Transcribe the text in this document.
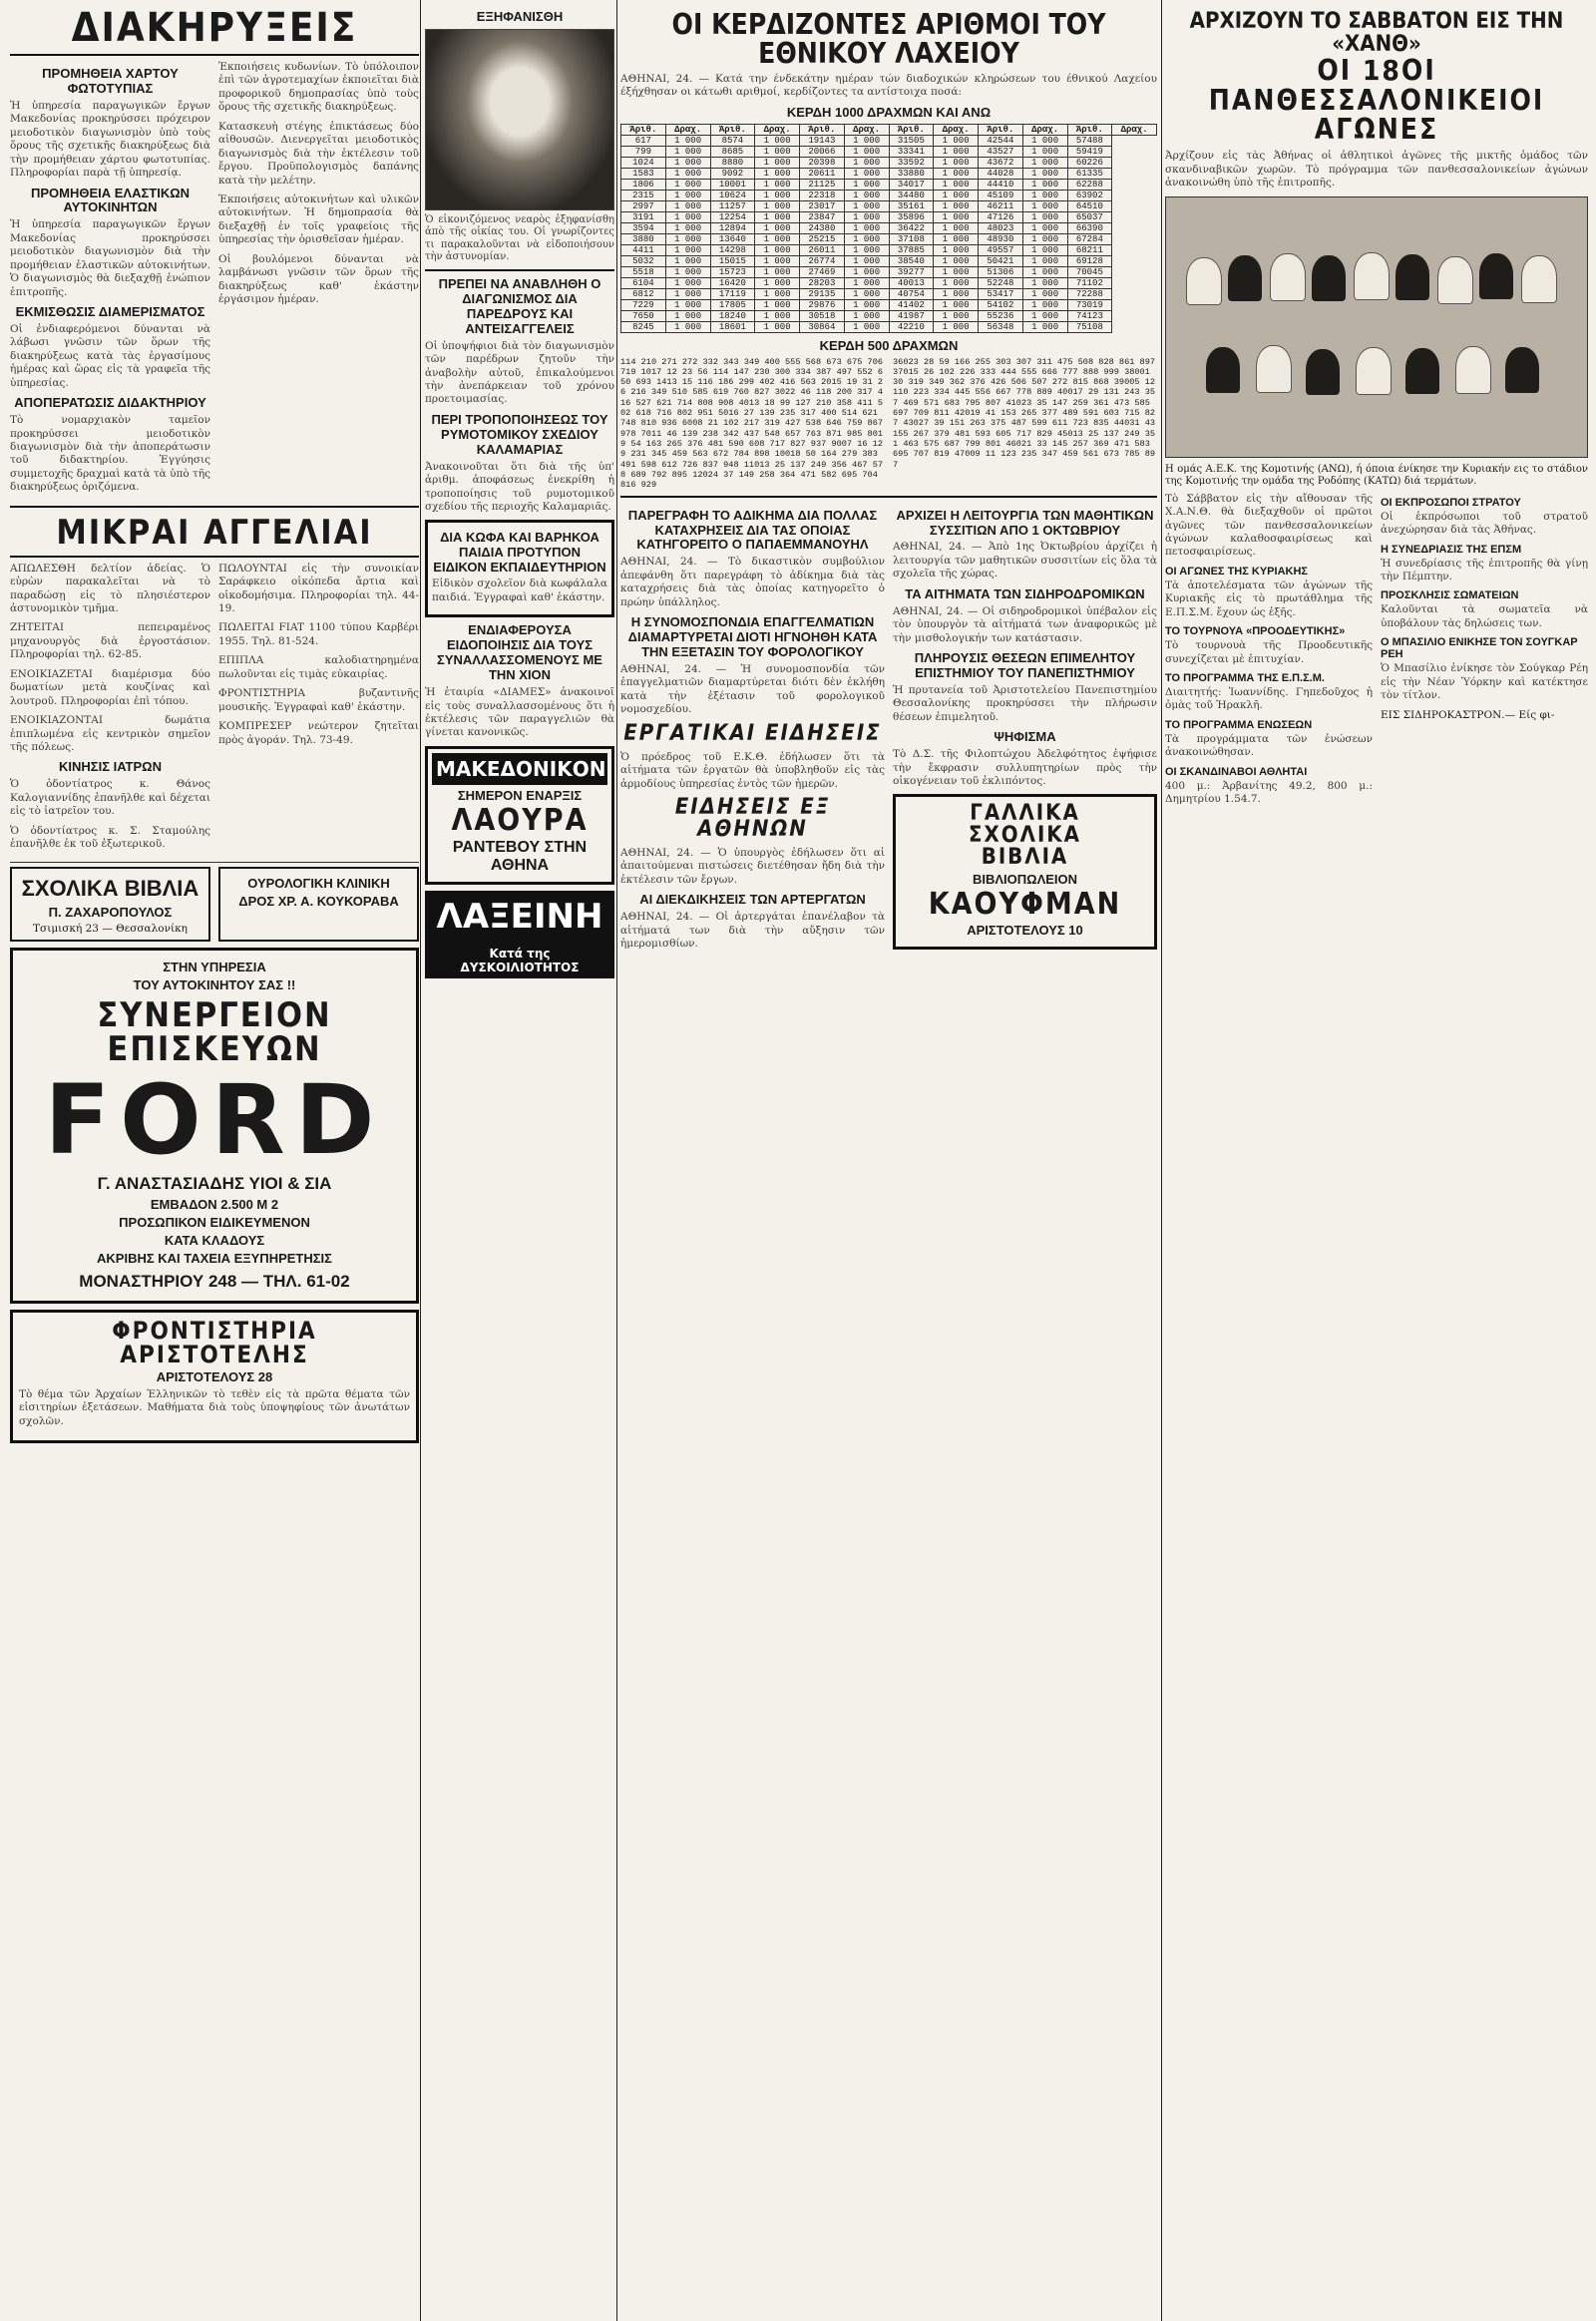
ΔΙΑΚΗΡΥΞΕΙΣ
ΠΡΟΜΗΘΕΙΑ ΧΑΡΤΟΥ ΦΩΤΟΤΥΠΙΑΣ

Ἡ ὑπηρεσία παραγωγικῶν ἔργων Μακεδονίας προκηρύσσει πρόχειρον μειοδοτικὸν διαγωνισμὸν ὑπὸ τοὺς ὅρους τῆς σχετικῆς διακηρύξεως διὰ τὴν προμήθειαν χάρτου φωτοτυπίας. Πληροφορίαι παρὰ τῇ ὑπηρεσίᾳ.

ΠΡΟΜΗΘΕΙΑ ΕΛΑΣΤΙΚΩΝ ΑΥΤΟΚΙΝΗΤΩΝ

Ἡ ὑπηρεσία παραγωγικῶν ἔργων Μακεδονίας προκηρύσσει μειοδοτικὸν διαγωνισμὸν διὰ τὴν προμήθειαν ἐλαστικῶν αὐτοκινήτων. Ὁ διαγωνισμὸς θὰ διεξαχθῇ ἐνώπιον ἐπιτροπῆς.

ΕΚΜΙΣΘΩΣΙΣ ΔΙΑΜΕΡΙΣΜΑΤΟΣ

Οἱ ἐνδιαφερόμενοι δύνανται νὰ λάβωσι γνῶσιν τῶν ὅρων τῆς διακηρύξεως κατὰ τὰς ἐργασίμους ἡμέρας καὶ ὥρας εἰς τὰ γραφεῖα τῆς ὑπηρεσίας.

ΑΠΟΠΕΡΑΤΩΣΙΣ ΔΙΔΑΚΤΗΡΙΟΥ

Τὸ νομαρχιακὸν ταμεῖον προκηρύσσει μειοδοτικὸν διαγωνισμὸν διὰ τὴν ἀποπεράτωσιν τοῦ διδακτηρίου. Ἐγγύησις συμμετοχῆς δραχμαὶ κατὰ τὰ ὑπὸ τῆς διακηρύξεως ὁριζόμενα.

Ἐκποιήσεις κυδωνίων. Τὸ ὑπόλοιπον ἐπὶ τῶν ἀγροτεμαχίων ἐκποιεῖται διὰ προφορικοῦ δημοπρασίας ὑπὸ τοὺς ὅρους τῆς σχετικῆς διακηρύξεως.

Κατασκευὴ στέγης ἐπικτάσεως δύο αἰθουσῶν. Διενεργεῖται μειοδοτικὸς διαγωνισμὸς διὰ τὴν ἐκτέλεσιν τοῦ ἔργου. Προϋπολογισμὸς δαπάνης κατὰ τὴν μελέτην.

Ἐκποιήσεις αὐτοκινήτων καὶ υλικῶν αὐτοκινήτων. Ἡ δημοπρασία θὰ διεξαχθῇ ἐν τοῖς γραφείοις τῆς ὑπηρεσίας τὴν ὁρισθεῖσαν ἡμέραν.

Οἱ βουλόμενοι δύνανται νὰ λαμβάνωσι γνῶσιν τῶν ὅρων τῆς διακηρύξεως καθ' ἑκάστην ἐργάσιμον ἡμέραν.

ΜΙΚΡΑΙ ΑΓΓΕΛΙΑΙ

ΑΠΩΛΕΣΘΗ δελτίον ἀδείας. Ὁ εὑρὼν παρακαλεῖται νὰ τὸ παραδώσῃ εἰς τὸ πλησιέστερον ἀστυνομικὸν τμῆμα.

ΖΗΤΕΙΤΑΙ πεπειραμένος μηχανουργὸς διὰ ἐργοστάσιον. Πληροφορίαι τηλ. 62-85.

ΕΝΟΙΚΙΑΖΕΤΑΙ διαμέρισμα δύο δωματίων μετὰ κουζίνας καὶ λουτροῦ. Πληροφορίαι ἐπὶ τόπου.

ΕΝΟΙΚΙΑΖΟΝΤΑΙ δωμάτια ἐπιπλωμένα εἰς κεντρικὸν σημεῖον τῆς πόλεως.

ΚΙΝΗΣΙΣ ΙΑΤΡΩΝ

Ὁ ὀδοντίατρος κ. Θάνος Καλογιαννίδης ἐπανῆλθε καὶ δέχεται εἰς τὸ ἰατρεῖον του.

Ὁ ὀδοντίατρος κ. Σ. Σταμούλης ἐπανῆλθε ἐκ τοῦ ἐξωτερικοῦ.

ΠΩΛΟΥΝΤΑΙ εἰς τὴν συνοικίαν Σαράφκειο οἰκόπεδα ἄρτια καὶ οἰκοδομήσιμα. Πληροφορίαι τηλ. 44-19.

ΠΩΛΕΙΤΑΙ FIAT 1100 τύπου Καρβέρι 1955. Τηλ. 81-524.

ΕΠΙΠΛΑ καλοδιατηρημένα πωλοῦνται εἰς τιμὰς εὐκαιρίας.

ΦΡΟΝΤΙΣΤΗΡΙΑ βυζαντινῆς μουσικῆς. Ἐγγραφαὶ καθ' ἑκάστην.

ΚΟΜΠΡΕΣΕΡ νεώτερον ζητεῖται πρὸς ἀγοράν. Τηλ. 73-49.

ΣΧΟΛΙΚΑ ΒΙΒΛΙΑ
Π. ΖΑΧΑΡΟΠΟΥΛΟΣ
Τσιμισκή 23 — Θεσσαλονίκη
ΟΥΡΟΛΟΓΙΚΗ ΚΛΙΝΙΚΗ
ΔΡΟΣ ΧΡ. Α. ΚΟΥΚΟΡΑΒΑ
ΣΤΗΝ ΥΠΗΡΕΣΙΑ
ΤΟΥ ΑΥΤΟΚΙΝΗΤΟΥ ΣΑΣ !!
ΣΥΝΕΡΓΕΙΟΝ
ΕΠΙΣΚΕΥΩΝ
FORD
Γ. ΑΝΑΣΤΑΣΙΑΔΗΣ ΥΙΟΙ & ΣΙΑ
ΕΜΒΑΔΟΝ 2.500 Μ 2
ΠΡΟΣΩΠΙΚΟΝ ΕΙΔΙΚΕΥΜΕΝΟΝ
ΚΑΤΑ ΚΛΑΔΟΥΣ
ΑΚΡΙΒΗΣ ΚΑΙ ΤΑΧΕΙΑ ΕΞΥΠΗΡΕΤΗΣΙΣ
ΜΟΝΑΣΤΗΡΙΟΥ 248 — ΤΗΛ. 61-02
ΦΡΟΝΤΙΣΤΗΡΙΑ ΑΡΙΣΤΟΤΕΛΗΣ
ΑΡΙΣΤΟΤΕΛΟΥΣ 28

Τὸ θέμα τῶν Ἀρχαίων Ἑλληνικῶν τὸ τεθὲν εἰς τὰ πρῶτα θέματα τῶν εἰσιτηρίων ἐξετάσεων. Μαθήματα διὰ τοὺς ὑποψηφίους τῶν ἀνωτάτων σχολῶν.

ΕΞΗΦΑΝΙΣΘΗ

Ὁ εἰκονιζόμενος νεαρὸς ἐξηφανίσθη ἀπὸ τῆς οἰκίας του. Οἱ γνωρίζοντες τι παρακαλοῦνται νὰ εἰδοποιήσουν τὴν ἀστυνομίαν.

ΠΡΕΠΕΙ ΝΑ ΑΝΑΒΛΗΘΗ Ο ΔΙΑΓΩΝΙΣΜΟΣ ΔΙΑ ΠΑΡΕΔΡΟΥΣ ΚΑΙ ΑΝΤΕΙΣΑΓΓΕΛΕΙΣ

Οἱ ὑποψήφιοι διὰ τὸν διαγωνισμὸν τῶν παρέδρων ζητοῦν τὴν ἀναβολὴν αὐτοῦ, ἐπικαλούμενοι τὴν ἀνεπάρκειαν τοῦ χρόνου προετοιμασίας.

ΠΕΡΙ ΤΡΟΠΟΠΟΙΗΣΕΩΣ ΤΟΥ ΡΥΜΟΤΟΜΙΚΟΥ ΣΧΕΔΙΟΥ ΚΑΛΑΜΑΡΙΑΣ

Ἀνακοινοῦται ὅτι διὰ τῆς ὑπ' ἀριθμ. ἀποφάσεως ἐνεκρίθη ἡ τροποποίησις τοῦ ρυμοτομικοῦ σχεδίου τῆς περιοχῆς Καλαμαριᾶς.

ΔΙΑ ΚΩΦΑ ΚΑΙ ΒΑΡΗΚΟΑ ΠΑΙΔΙΑ ΠΡΟΤΥΠΟΝ ΕΙΔΙΚΟΝ ΕΚΠΑΙΔΕΥΤΗΡΙΟΝ

Εἰδικὸν σχολεῖον διὰ κωφάλαλα παιδιά. Ἐγγραφαὶ καθ' ἑκάστην.

ΕΝΔΙΑΦΕΡΟΥΣΑ ΕΙΔΟΠΟΙΗΣΙΣ ΔΙΑ ΤΟΥΣ ΣΥΝΑΛΛΑΣΣΟΜΕΝΟΥΣ ΜΕ ΤΗΝ ΧΙΟΝ

Ἡ ἑταιρία «ΔΙΑΜΕΣ» ἀνακοινοῖ εἰς τοὺς συναλλασσομένους ὅτι ἡ ἐκτέλεσις τῶν παραγγελιῶν θὰ γίνεται κανονικῶς.

ΜΑΚΕΔΟΝΙΚΟΝ
ΣΗΜΕΡΟΝ ΕΝΑΡΞΙΣ
ΛΑΟΥΡΑ
ΡΑΝΤΕΒΟΥ ΣΤΗΝ ΑΘΗΝΑ
ΛΑΞΕΙΝΗ
Κατά της ΔΥΣΚΟΙΛΙΟΤΗΤΟΣ
ΟΙ ΚΕΡΔΙΖΟΝΤΕΣ ΑΡΙΘΜΟΙ ΤΟΥ ΕΘΝΙΚΟΥ ΛΑΧΕΙΟΥ

ΑΘΗΝΑΙ, 24. — Κατά την ένδεκάτην ημέραν τών διαδοχικών κληρώσεων του έθνικού Λαχείου έξήχθησαν οι κάτωθι αριθμοί, κερδίζοντες τα αντίστοιχα ποσά:

ΚΕΡΔΗ 1000 ΔΡΑΧΜΩΝ ΚΑΙ ΑΝΩ
Άριθ.	Δραχ.	Άριθ.	Δραχ.	Άριθ.	Δραχ.	Άριθ.	Δραχ.	Άριθ.	Δραχ.	Άριθ.	Δραχ.
617	1 000	8574	1 000	19143	1 000	31505	1 000	42544	1 000	57488	
799	1 000	8685	1 000	20066	1 000	33341	1 000	43527	1 000	59419	
1024	1 000	8880	1 000	20398	1 000	33592	1 000	43672	1 000	60226	
1583	1 000	9092	1 000	20611	1 000	33880	1 000	44028	1 000	61335	
1806	1 000	10001	1 000	21125	1 000	34017	1 000	44410	1 000	62288	
2315	1 000	10624	1 000	22318	1 000	34480	1 000	45109	1 000	63902	
2997	1 000	11257	1 000	23017	1 000	35161	1 000	46211	1 000	64510	
3191	1 000	12254	1 000	23847	1 000	35896	1 000	47126	1 000	65037	
3594	1 000	12894	1 000	24380	1 000	36422	1 000	48023	1 000	66390	
3880	1 000	13640	1 000	25215	1 000	37108	1 000	48930	1 000	67284	
4411	1 000	14298	1 000	26011	1 000	37885	1 000	49557	1 000	68211	
5032	1 000	15015	1 000	26774	1 000	38540	1 000	50421	1 000	69128	
5518	1 000	15723	1 000	27469	1 000	39277	1 000	51306	1 000	70045	
6104	1 000	16420	1 000	28203	1 000	40013	1 000	52248	1 000	71102	
6812	1 000	17119	1 000	29135	1 000	40754	1 000	53417	1 000	72288	
7229	1 000	17805	1 000	29876	1 000	41402	1 000	54102	1 000	73019	
7650	1 000	18240	1 000	30518	1 000	41987	1 000	55236	1 000	74123	
8245	1 000	18601	1 000	30864	1 000	42210	1 000	56348	1 000	75108	
ΚΕΡΔΗ 500 ΔΡΑΧΜΩΝ
114 210 271 272 332 343 349 400 555 568 673 675 706 719 1017 12 23 56 114 147 230 300 334 387 497 552 650 693 1413 15 116 186 299 402 416 563 2015 19 31 26 216 349 510 585 619 760 827 3022 46 118 200 317 416 527 621 714 808 908 4013 18 99 127 210 358 411 502 618 716 802 951 5016 27 139 235 317 400 514 621 748 810 936 6008 21 102 217 319 427 538 646 759 867 978 7011 46 139 238 342 437 548 657 763 871 985 8019 54 163 265 376 481 590 608 717 827 937 9007 16 129 231 345 459 563 672 784 898 10018 50 164 279 383 491 598 612 726 837 948 11013 25 137 249 356 467 578 689 792 895 12024 37 149 258 364 471 582 695 704 816 929
36023 28 59 166 255 303 307 311 475 508 828 861 897 37015 26 102 226 333 444 555 666 777 888 999 38001 30 319 349 362 376 426 506 507 272 815 868 39005 12 110 223 334 445 556 667 778 889 40017 29 131 243 357 469 571 683 795 807 41023 35 147 259 361 473 585 697 709 811 42019 41 153 265 377 489 591 603 715 827 43027 39 151 263 375 487 599 611 723 835 44031 43 155 267 379 481 593 605 717 829 45013 25 137 249 351 463 575 687 799 801 46021 33 145 257 369 471 583 695 707 819 47009 11 123 235 347 459 561 673 785 897
ΠΑΡΕΓΡΑΦΗ ΤΟ ΑΔΙΚΗΜΑ ΔΙΑ ΠΟΛΛΑΣ ΚΑΤΑΧΡΗΣΕΙΣ ΔΙΑ ΤΑΣ ΟΠΟΙΑΣ ΚΑΤΗΓΟΡΕΙΤΟ Ο ΠΑΠΑΕΜΜΑΝΟΥΗΛ

ΑΘΗΝΑΙ, 24. — Τὸ δικαστικὸν συμβούλιον ἀπεφάνθη ὅτι παρεγράφη τὸ ἀδίκημα διὰ τὰς καταχρήσεις διὰ τὰς ὁποίας κατηγορεῖτο ὁ πρώην ὑπάλληλος.

Η ΣΥΝΟΜΟΣΠΟΝΔΙΑ ΕΠΑΓΓΕΛΜΑΤΙΩΝ ΔΙΑΜΑΡΤΥΡΕΤΑΙ ΔΙΟΤΙ ΗΓΝΟΗΘΗ ΚΑΤΑ ΤΗΝ ΕΞΕΤΑΣΙΝ ΤΟΥ ΦΟΡΟΛΟΓΙΚΟΥ

ΑΘΗΝΑΙ, 24. — Ἡ συνομοσπονδία τῶν ἐπαγγελματιῶν διαμαρτύρεται διότι δὲν ἐκλήθη κατὰ τὴν ἐξέτασιν τοῦ φορολογικοῦ νομοσχεδίου.

ΕΡΓΑΤΙΚΑΙ ΕΙΔΗΣΕΙΣ

Ὁ πρόεδρος τοῦ Ε.Κ.Θ. ἐδήλωσεν ὅτι τὰ αἰτήματα τῶν ἐργατῶν θὰ ὑποβληθοῦν εἰς τὰς ἁρμοδίους ὑπηρεσίας ἐντὸς τῶν ἡμερῶν.

ΕΙΔΗΣΕΙΣ ΕΞ ΑΘΗΝΩΝ

ΑΘΗΝΑΙ, 24. — Ὁ ὑπουργὸς ἐδήλωσεν ὅτι αἱ ἀπαιτούμεναι πιστώσεις διετέθησαν ἤδη διὰ τὴν ἐκτέλεσιν τῶν ἔργων.

ΑΙ ΔΙΕΚΔΙΚΗΣΕΙΣ ΤΩΝ ΑΡΤΕΡΓΑΤΩΝ

ΑΘΗΝΑΙ, 24. — Οἱ ἀρτεργάται ἐπανέλαβον τὰ αἰτήματά των διὰ τὴν αὔξησιν τῶν ἡμερομισθίων.

ΑΡΧΙΖΕΙ Η ΛΕΙΤΟΥΡΓΙΑ ΤΩΝ ΜΑΘΗΤΙΚΩΝ ΣΥΣΣΙΤΙΩΝ ΑΠΟ 1 ΟΚΤΩΒΡΙΟΥ

ΑΘΗΝΑΙ, 24. — Ἀπὸ 1ης Ὀκτωβρίου ἀρχίζει ἡ λειτουργία τῶν μαθητικῶν συσσιτίων εἰς ὅλα τὰ σχολεῖα τῆς χώρας.

ΤΑ ΑΙΤΗΜΑΤΑ ΤΩΝ ΣΙΔΗΡΟΔΡΟΜΙΚΩΝ

ΑΘΗΝΑΙ, 24. — Οἱ σιδηροδρομικοὶ ὑπέβαλον εἰς τὸν ὑπουργὸν τὰ αἰτήματά των ἀναφορικῶς μὲ τὴν μισθολογικήν των κατάστασιν.

ΠΛΗΡΟΥΣΙΣ ΘΕΣΕΩΝ ΕΠΙΜΕΛΗΤΟΥ ΕΠΙΣΤΗΜΙΟΥ ΤΟΥ ΠΑΝΕΠΙΣΤΗΜΙΟΥ

Ἡ πρυτανεία τοῦ Ἀριστοτελείου Πανεπιστημίου Θεσσαλονίκης προκηρύσσει τὴν πλήρωσιν θέσεων ἐπιμελητοῦ.

ΨΗΦΙΣΜΑ

Τὸ Δ.Σ. τῆς Φιλοπτώχου Ἀδελφότητος ἐψήφισε τὴν ἔκφρασιν συλλυπητηρίων πρὸς τὴν οἰκογένειαν τοῦ ἐκλιπόντος.

ΓΑΛΛΙΚΑ
ΣΧΟΛΙΚΑ
ΒΙΒΛΙΑ
ΒΙΒΛΙΟΠΩΛΕΙΟΝ
ΚΑΟΥΦΜΑΝ
ΑΡΙΣΤΟΤΕΛΟΥΣ 10
ΑΡΧΙΖΟΥΝ ΤΟ ΣΑΒΒΑΤΟΝ ΕΙΣ ΤΗΝ «ΧΑΝΘ»
ΟΙ 18ΟΙ ΠΑΝΘΕΣΣΑΛΟΝΙΚΕΙΟΙ ΑΓΩΝΕΣ

Ἀρχίζουν εἰς τὰς Ἀθήνας οἱ ἀθλητικοὶ ἀγῶνες τῆς μικτῆς ὁμάδος τῶν σκανδιναβικῶν χωρῶν. Τὸ πρόγραμμα τῶν πανθεσσαλονικείων ἀγώνων ἀνακοινώθη ὑπὸ τῆς ἐπιτροπῆς.

Η ομάς Α.Ε.Κ. της Κομοτινής (ΑΝΩ), ή όποια ένίκησε την Κυριακήν εις το στάδιον της Κομοτινής την ομάδα της Ροδόπης (ΚΑΤΩ) διά τερμάτων.

Τὸ Σάββατον εἰς τὴν αἴθουσαν τῆς Χ.Α.Ν.Θ. θὰ διεξαχθοῦν οἱ πρῶτοι ἀγῶνες τῶν πανθεσσαλονικείων ἀγώνων καλαθοσφαιρίσεως καὶ πετοσφαιρίσεως.

ΟΙ ΑΓΩΝΕΣ ΤΗΣ ΚΥΡΙΑΚΗΣ

Τὰ ἀποτελέσματα τῶν ἀγώνων τῆς Κυριακῆς εἰς τὸ πρωτάθλημα τῆς Ε.Π.Σ.Μ. ἔχουν ὡς ἑξῆς.

ΤΟ ΤΟΥΡΝΟΥΑ «ΠΡΟΟΔΕΥΤΙΚΗΣ»

Τὸ τουρνουὰ τῆς Προοδευτικῆς συνεχίζεται μὲ ἐπιτυχίαν.

ΤΟ ΠΡΟΓΡΑΜΜΑ ΤΗΣ Ε.Π.Σ.Μ.

Διαιτητής: Ἰωαννίδης. Γηπεδοῦχος ἡ ὁμὰς τοῦ Ἡρακλῆ.

ΤΟ ΠΡΟΓΡΑΜΜΑ ΕΝΩΣΕΩΝ

Τὰ προγράμματα τῶν ἐνώσεων ἀνακοινώθησαν.

ΟΙ ΣΚΑΝΔΙΝΑΒΟΙ ΑΘΛΗΤΑΙ

400 μ.: Ἀρβανίτης 49.2, 800 μ.: Δημητρίου 1.54.7.

ΟΙ ΕΚΠΡΟΣΩΠΟΙ ΣΤΡΑΤΟΥ

Οἱ ἐκπρόσωποι τοῦ στρατοῦ ἀνεχώρησαν διὰ τὰς Ἀθήνας.

Η ΣΥΝΕΔΡΙΑΣΙΣ ΤΗΣ ΕΠΣΜ

Ἡ συνεδρίασις τῆς ἐπιτροπῆς θὰ γίνῃ τὴν Πέμπτην.

ΠΡΟΣΚΛΗΣΙΣ ΣΩΜΑΤΕΙΩΝ

Καλοῦνται τὰ σωματεῖα νὰ ὑποβάλουν τὰς δηλώσεις των.

Ο ΜΠΑΣΙΛΙΟ ΕΝΙΚΗΣΕ ΤΟΝ ΣΟΥΓΚΑΡ ΡΕΗ

Ὁ Μπασίλιο ἐνίκησε τὸν Σούγκαρ Ρέη εἰς τὴν Νέαν Ὑόρκην καὶ κατέκτησε τὸν τίτλον.

ΕΙΣ ΣΙΔΗΡΟΚΑΣΤΡΟΝ.— Είς φι-
